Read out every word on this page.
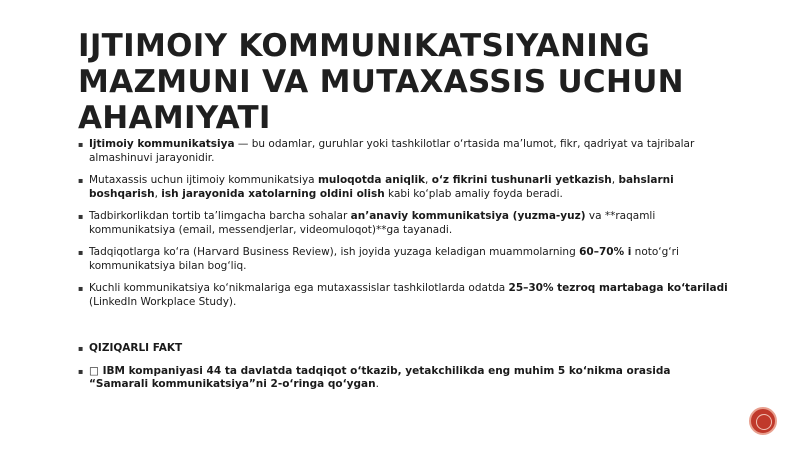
IJTIMOIY KOMMUNIKATSIYANING
MAZMUNI VA MUTAXASSIS UCHUN
AHAMIYATI
▪ Ijtimoiy kommunikatsiya — bu odamlar, guruhlar yoki tashkilotlar o‘rtasida ma’lumot, fikr, qadriyat va tajribalar almashinuvi jarayonidir.
▪ Mutaxassis uchun ijtimoiy kommunikatsiya muloqotda aniqlik, o‘z fikrini tushunarli yetkazish, bahslarni boshqarish, ish jarayonida xatolarning oldini olish kabi ko‘plab amaliy foyda beradi.
▪ Tadbirkorlikdan tortib ta’limgacha barcha sohalar an’anaviy kommunikatsiya (yuzma-yuz) va **raqamli kommunikatsiya (email, messendjerlar, videomuloqot)**ga tayanadi.
▪ Tadqiqotlarga ko‘ra (Harvard Business Review), ish joyida yuzaga keladigan muammolarning 60–70% i noto‘g‘ri kommunikatsiya bilan bog‘liq.
▪ Kuchli kommunikatsiya ko‘nikmalariga ega mutaxassislar tashkilotlarda odatda 25–30% tezroq martabaga ko‘tariladi (LinkedIn Workplace Study).
▪ QIZIQARLI FAKT
▪ □ IBM kompaniyasi 44 ta davlatda tadqiqot o‘tkazib, yetakchilikda eng muhim 5 ko‘nikma orasida “Samarali kommunikatsiya”ni 2-o‘ringa qo‘ygan.
